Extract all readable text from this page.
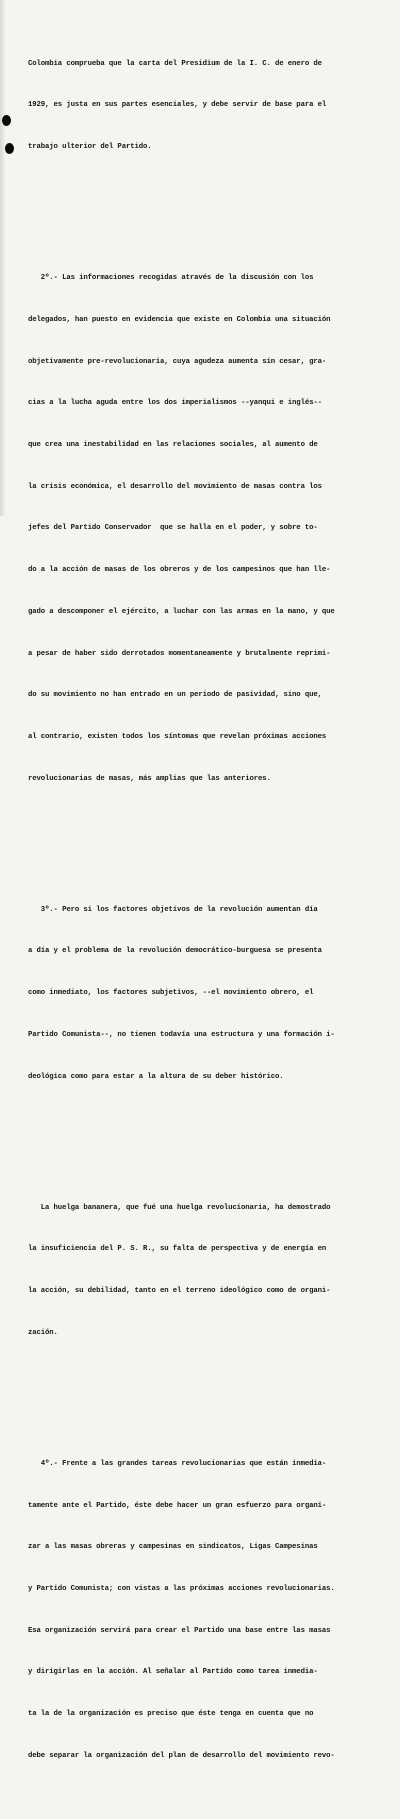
Colombia comprueba que la carta del Presidium de la I. C. de enero de

1929, es justa en sus partes esenciales, y debe servir de base para el

trabajo ulterior del Partido.

2º.- Las informaciones recogidas através de la discusión con los

delegados, han puesto en evidencia que existe en Colombia una situación

objetivamente pre-revolucionaria, cuya agudeza aumenta sin cesar, gra-

cias a la lucha aguda entre los dos imperialismos --yanqui e inglés--

que crea una inestabilidad en las relaciones sociales, al aumento de

la crisis económica, el desarrollo del movimiento de masas contra los

jefes del Partido Conservador  que se halla en el poder, y sobre to-

do a la acción de masas de los obreros y de los campesinos que han lle-

gado a descomponer el ejército, a luchar con las armas en la mano, y que

a pesar de haber sido derrotados momentaneamente y brutalmente reprimi-

do su movimiento no han entrado en un periodo de pasividad, sino que,

al contrario, existen todos los síntomas que revelan próximas acciones

revolucionarias de masas, más amplias que las anteriores.

3º.- Pero si los factores objetivos de la revolución aumentan día

a día y el problema de la revolución democrático-burguesa se presenta

como inmediato, los factores subjetivos, --el movimiento obrero, el

Partido Comunista--, no tienen todavía una estructura y una formación i-

deológica como para estar a la altura de su deber histórico.

La huelga bananera, que fué una huelga revolucionaria, ha demostrado

la insuficiencia del P. S. R., su falta de perspectiva y de energía en

la acción, su debilidad, tanto en el terreno ideológico como de organi-

zación.

4º.- Frente a las grandes tareas revolucionarias que están inmedia-

tamente ante el Partido, éste debe hacer un gran esfuerzo para organi-

zar a las masas obreras y campesinas en sindicatos, Ligas Campesinas

y Partido Comunista; con vistas a las próximas acciones revolucionarias.

Esa organización servirá para crear el Partido una base entre las masas

y dirigirlas en la acción. Al señalar al Partido como tarea inmedia-

ta la de la organización es preciso que éste tenga en cuenta que no

debe separar la organización del plan de desarrollo del movimiento revo-
